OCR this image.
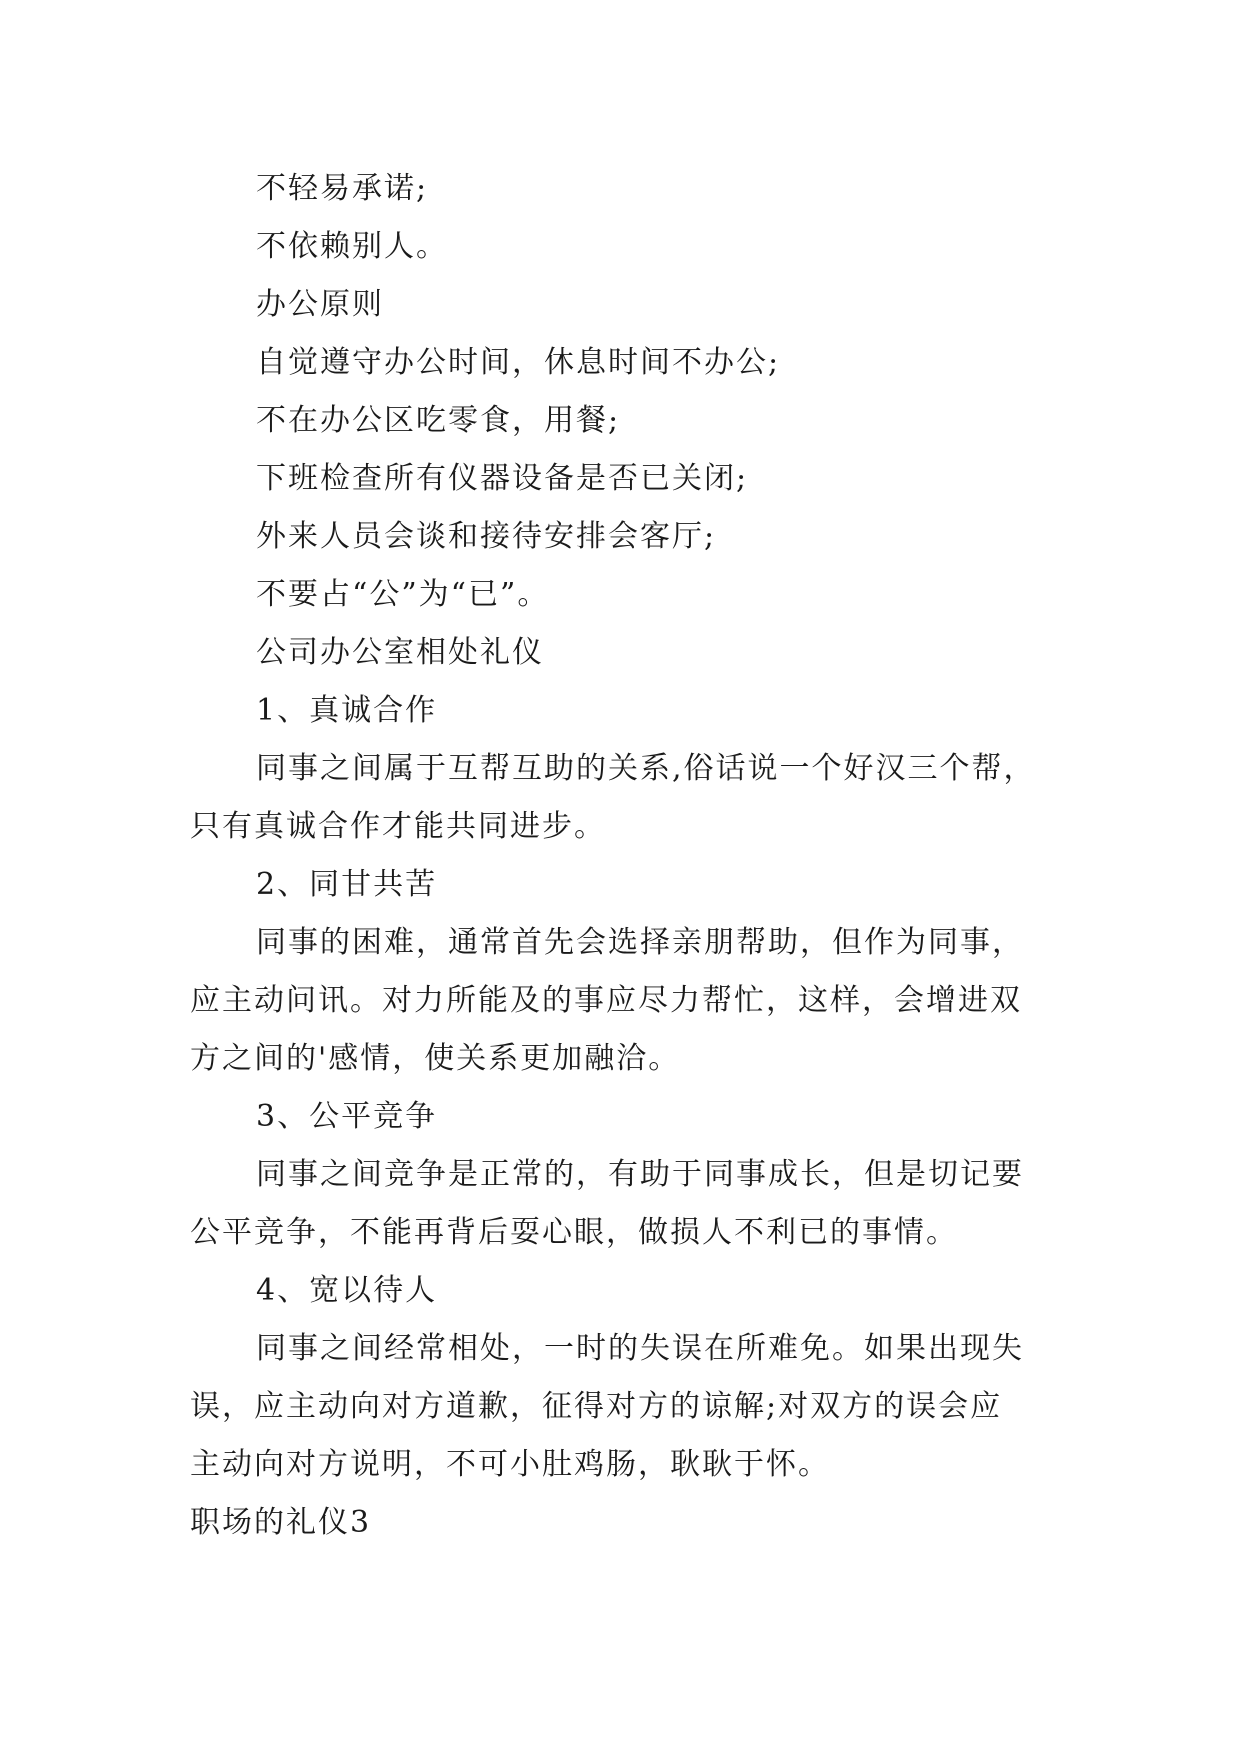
不轻易承诺;

不依赖别人。

办公原则

自觉遵守办公时间，休息时间不办公;

不在办公区吃零食，用餐;

下班检查所有仪器设备是否已关闭;

外来人员会谈和接待安排会客厅;

不要占“公”为“已”。

公司办公室相处礼仪

1、真诚合作

同事之间属于互帮互助的关系,俗话说一个好汉三个帮，

只有真诚合作才能共同进步。

2、同甘共苦

同事的困难，通常首先会选择亲朋帮助，但作为同事，

应主动问讯。对力所能及的事应尽力帮忙，这样，会增进双

方之间的'感情，使关系更加融洽。

3、公平竞争

同事之间竞争是正常的，有助于同事成长，但是切记要

公平竞争，不能再背后耍心眼，做损人不利已的事情。

4、宽以待人

同事之间经常相处，一时的失误在所难免。如果出现失

误，应主动向对方道歉，征得对方的谅解;对双方的误会应

主动向对方说明，不可小肚鸡肠，耿耿于怀。

职场的礼仪3
